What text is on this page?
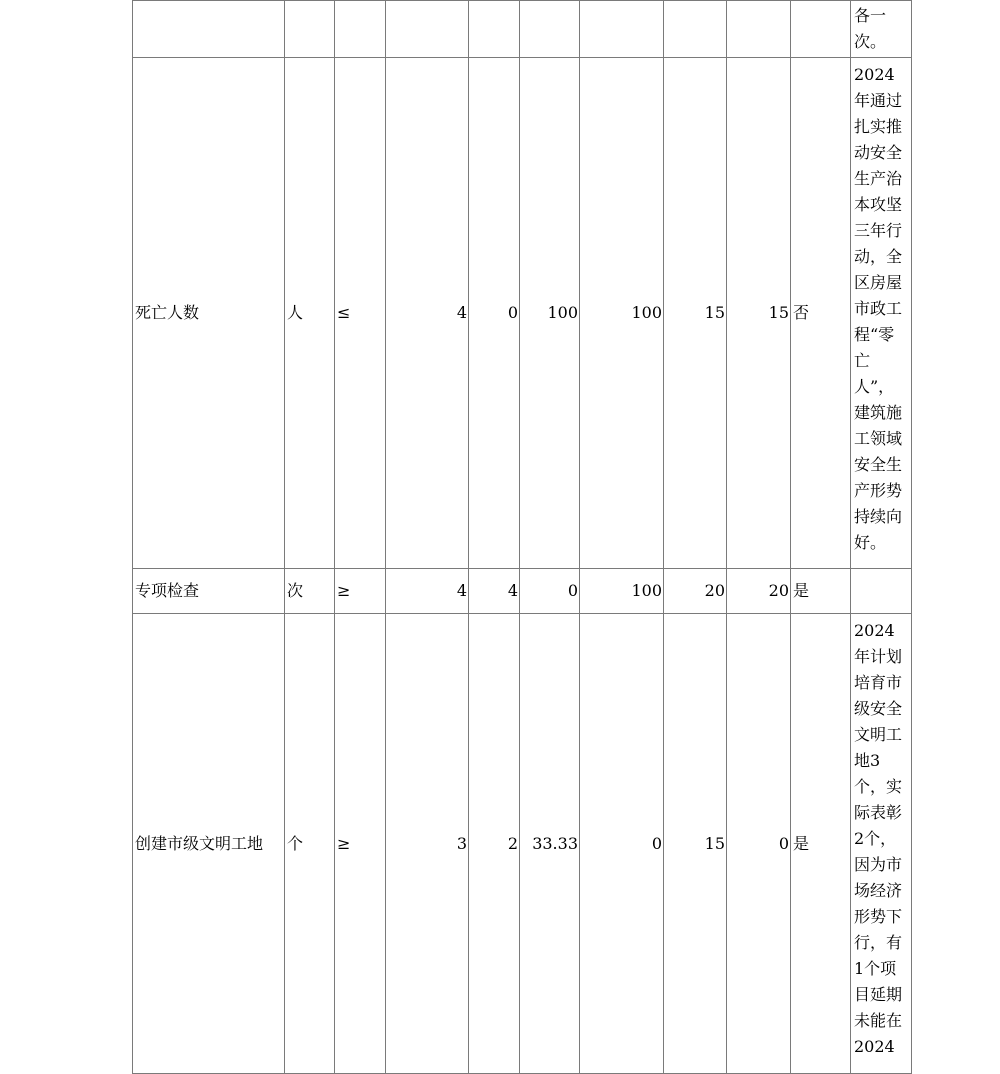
										各一次。
死亡人数	人	≤	4	0	100	100	15	15	否	2024年通过扎实推动安全生产治本攻坚三年行动，全区房屋市政工程“零亡人”，建筑施工领域安全生产形势持续向好。
专项检查	次	≥	4	4	0	100	20	20	是	
创建市级文明工地	个	≥	3	2	33.33	0	15	0	是	2024年计划培育市级安全文明工地3个，实际表彰2个，因为市场经济形势下行，有1个项目延期未能在2024
